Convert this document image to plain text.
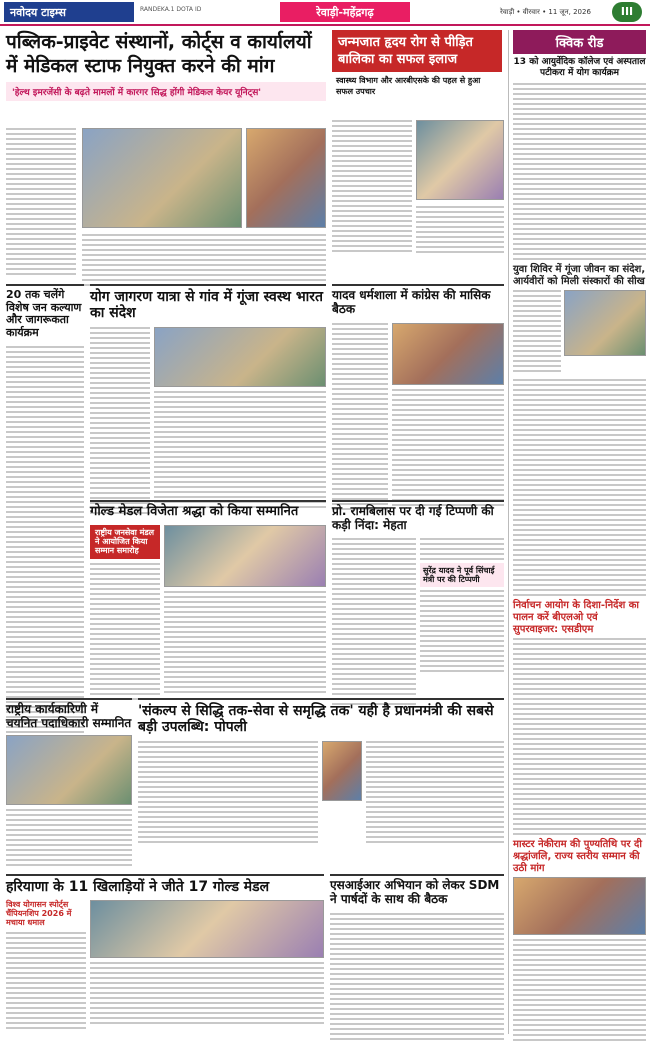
नवोदय टाइम्स	RANDEKA.1 DOTA ID	रेवाड़ी-महेंद्रगढ़	रेवाड़ी • वीरवार • 11 जून, 2026	III
पब्लिक-प्राइवेट संस्थानों, कोर्ट्स व कार्यालयों में मेडिकल स्टाफ नियुक्त करने की मांग
'हेल्थ इमरजेंसी के बढ़ते मामलों में कारगर सिद्ध होंगी मेडिकल केयर यूनिट्स'
जन्मजात हृदय रोग से पीड़ित बालिका का सफल इलाज
स्वास्थ्य विभाग और आरबीएसके की पहल से हुआ सफल उपचार
20 तक चलेंगे विशेष जन कल्याण और जागरूकता कार्यक्रम
योग जागरण यात्रा से गांव में गूंजा स्वस्थ भारत का संदेश
यादव धर्मशाला में कांग्रेस की मासिक बैठक
गोल्ड मेडल विजेता श्रद्धा को किया सम्मानित
राष्ट्रीय जनसेवा मंडल ने आयोजित किया सम्मान समारोह
प्रो. रामबिलास पर दी गई टिप्पणी की कड़ी निंदा: मेहता
सुरेंद्र यादव ने पूर्व सिंचाई मंत्री पर की टिप्पणी
राष्ट्रीय कार्यकारिणी में चयनित पदाधिकारी सम्मानित
'संकल्प से सिद्धि तक-सेवा से समृद्धि तक' यही है प्रधानमंत्री की सबसे बड़ी उपलब्धि: पोपली
हरियाणा के 11 खिलाड़ियों ने जीते 17 गोल्ड मेडल
विश्व योगासन स्पोर्ट्स चैंपियनशिप 2026 में मचाया धमाल
एसआईआर अभियान को लेकर SDM ने पार्षदों के साथ की बैठक
क्विक रीड
13 को आयुर्वेदिक कॉलेज एवं अस्पताल पटीकरा में योग कार्यक्रम
युवा शिविर में गूंजा जीवन का संदेश, आर्यवीरों को मिली संस्कारों की सीख
निर्वाचन आयोग के दिशा-निर्देश का पालन करें बीएलओ एवं सुपरवाइजर: एसडीएम
मास्टर नेकीराम की पुण्यतिथि पर दी श्रद्धांजलि, राज्य स्तरीय सम्मान की उठी मांग
